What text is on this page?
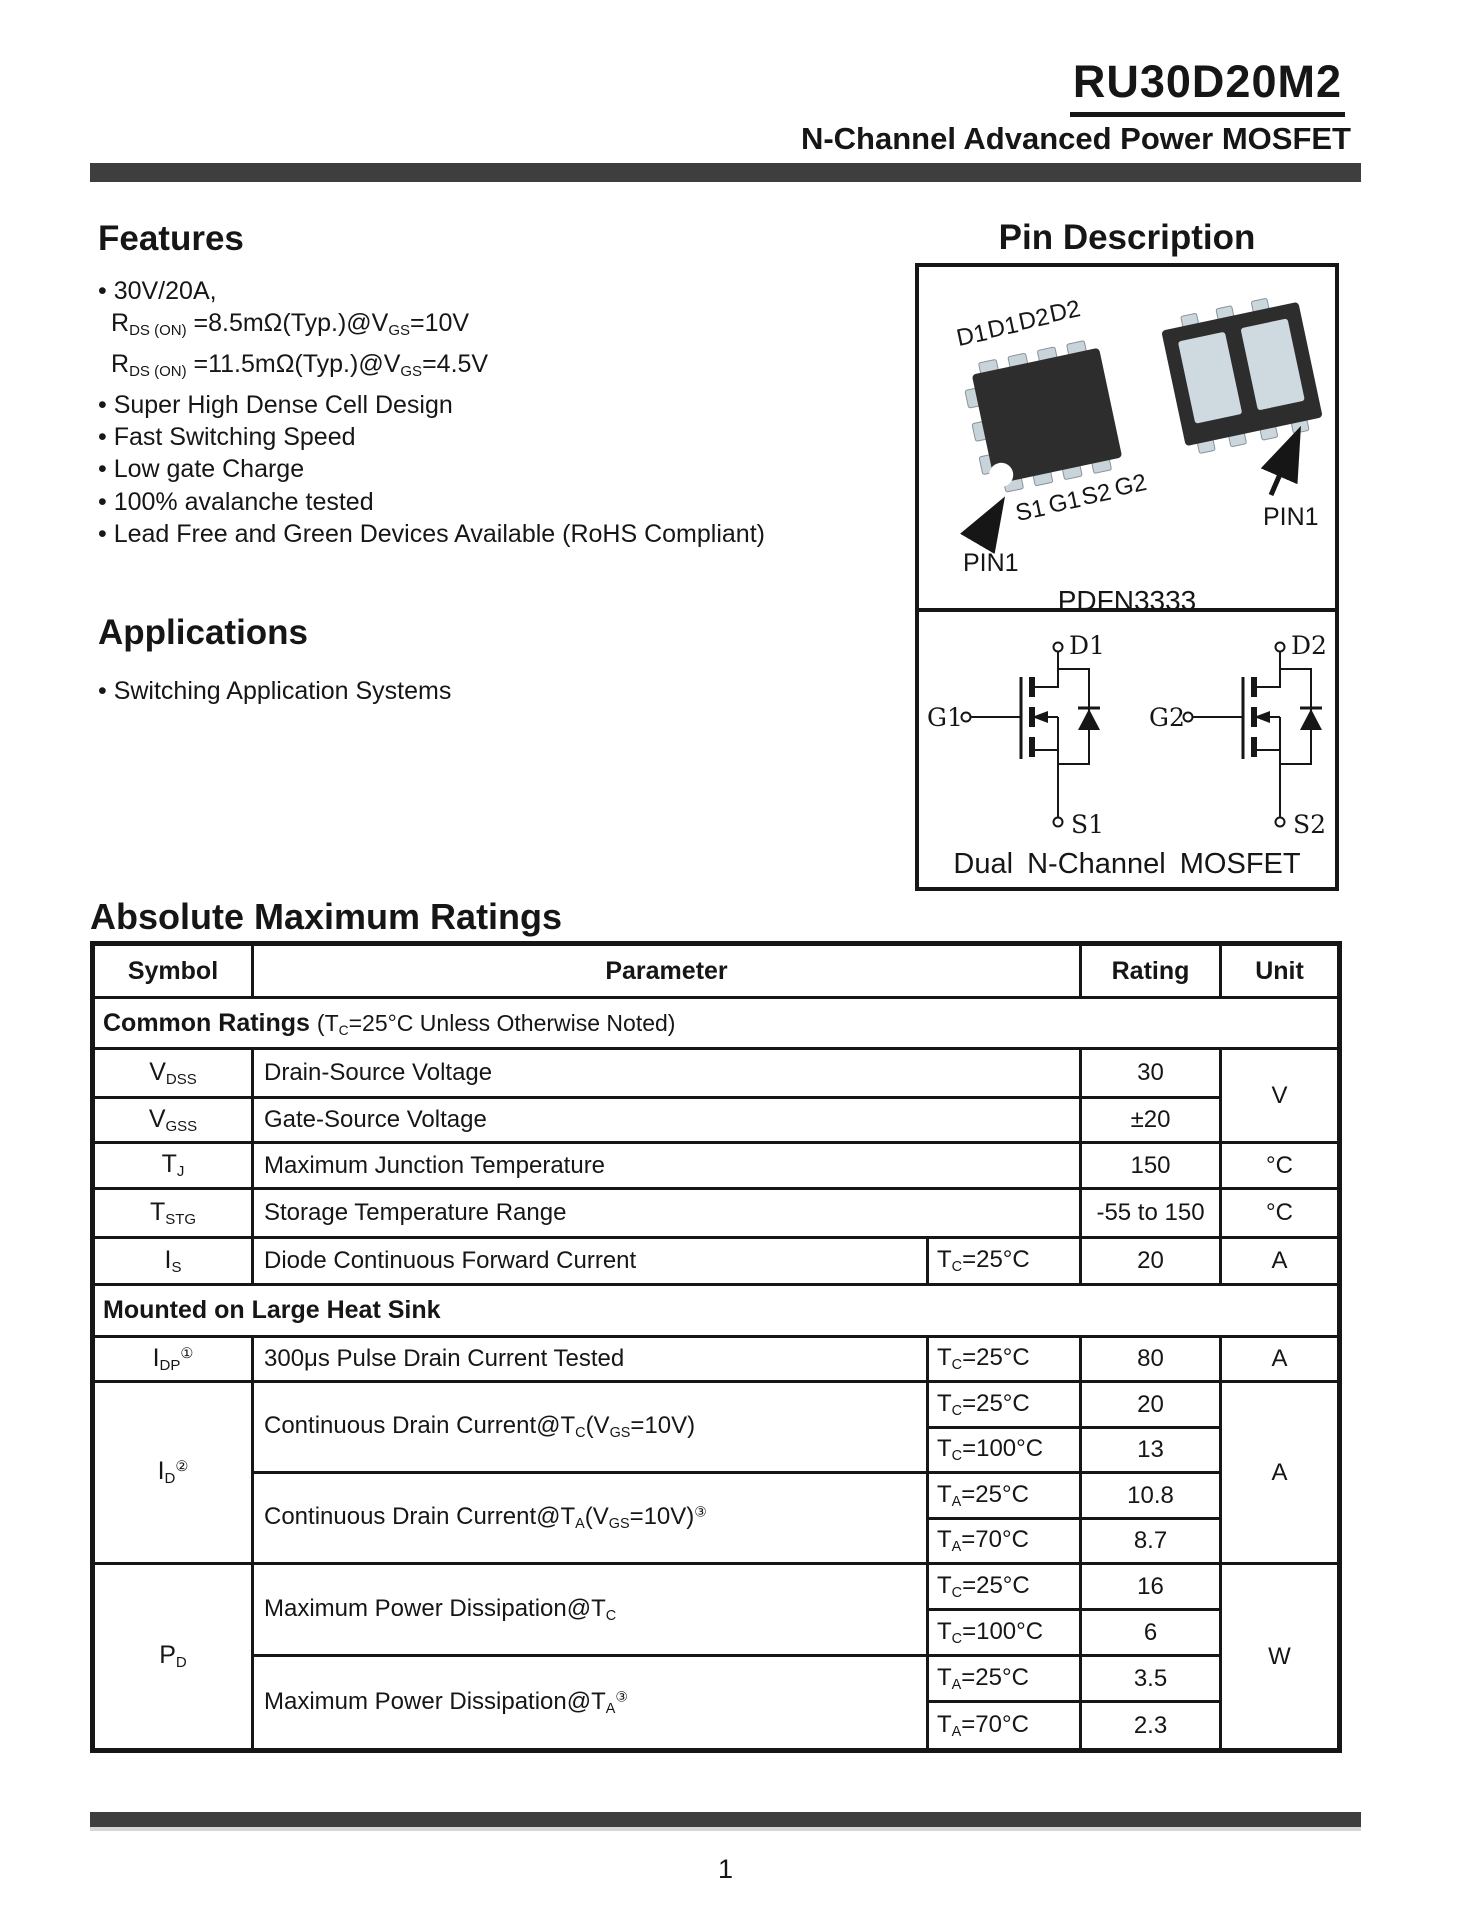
RU30D20M2
N-Channel Advanced Power MOSFET
Features
• 30V/20A,
$R_{DS (ON)}$ $=8.5m\Omega(Typ.)@V_{GS}=10V$
$R_{DS (ON)}$ $=11.5m\Omega(Typ.)@V_{GS}=4.5V$
• Super High Dense Cell Design
• Fast Switching Speed
• Low gate Charge
• 100% avalanche tested
• Lead Free and Green Devices Available (RoHS Compliant)
Applications
• Switching Application Systems
Pin Description
D1
D1
D2
D2
S1
G1
S2
G2
PIN1
PIN1
PDFN3333
D1
G1
S1
D2
G2
S2
Dual N-Channel MOSFET
Absolute Maximum Ratings
Symbol	Parameter		Rating	Unit
Common Ratings ($T_C=25^\circ C$ Unless Otherwise Noted)				
$V_{DSS}$	Drain-Source Voltage		30	V
$V_{GSS}$	Gate-Source Voltage		±20	
$T_J$	Maximum Junction Temperature		150	°C
$T_{STG}$	Storage Temperature Range		-55 to 150	°C
$I_S$	Diode Continuous Forward Current	$T_C=25^\circ C$	20	A
Mounted on Large Heat Sink				
$I_{DP}^①$	300μs Pulse Drain Current Tested	$T_C=25^\circ C$	80	A
$I_D^②$	Continuous Drain $Current@T_C(V_{GS}=10V)$	$T_C=25^\circ C$	20	A
		$T_C=100^\circ C$	13	
	Continuous Drain $Current@T_A(V_{GS}=10V)^③$	$T_A=25^\circ C$	10.8	
		$T_A=70^\circ C$	8.7	
$P_D$	Maximum Power $Dissipation@T_C$	$T_C=25^\circ C$	16	W
		$T_C=100^\circ C$	6	
	Maximum Power $Dissipation@T_A^③$	$T_A=25^\circ C$	3.5	
		$T_A=70^\circ C$	2.3	
1
